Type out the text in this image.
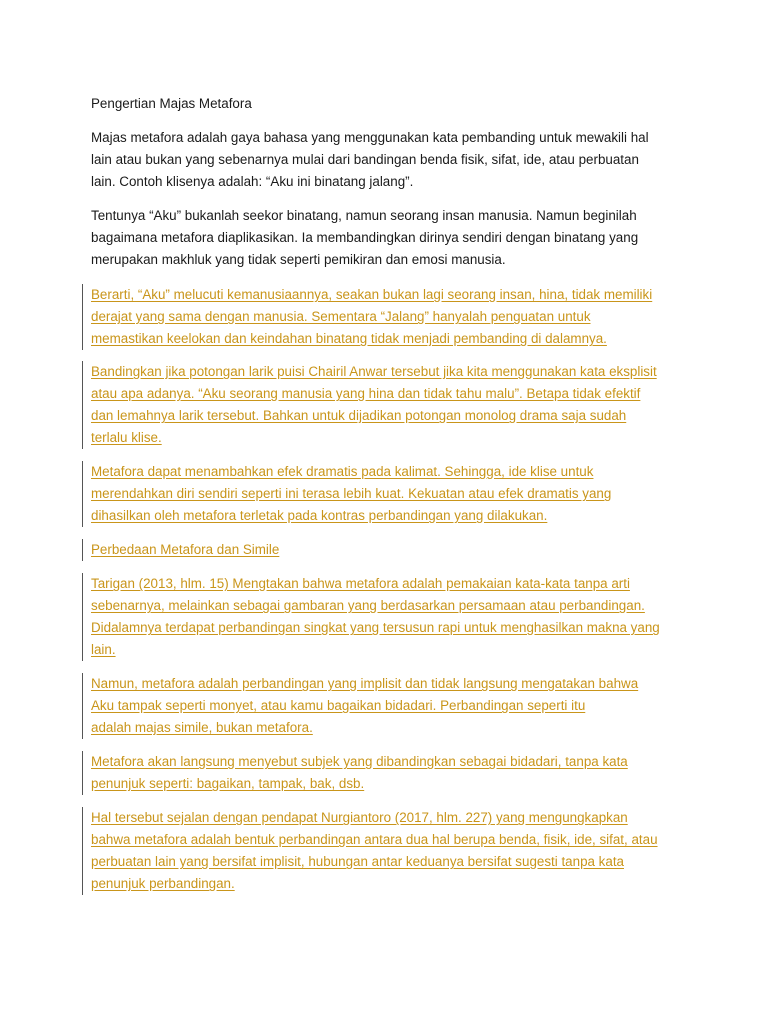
Pengertian Majas Metafora

Majas metafora adalah gaya bahasa yang menggunakan kata pembanding untuk mewakili hal
lain atau bukan yang sebenarnya mulai dari bandingan benda fisik, sifat, ide, atau perbuatan
lain. Contoh klisenya adalah: “Aku ini binatang jalang”.

Tentunya “Aku” bukanlah seekor binatang, namun seorang insan manusia. Namun beginilah
bagaimana metafora diaplikasikan. Ia membandingkan dirinya sendiri dengan binatang yang
merupakan makhluk yang tidak seperti pemikiran dan emosi manusia.

Berarti, “Aku” melucuti kemanusiaannya, seakan bukan lagi seorang insan, hina, tidak memiliki
derajat yang sama dengan manusia. Sementara “Jalang” hanyalah penguatan untuk
memastikan keelokan dan keindahan binatang tidak menjadi pembanding di dalamnya.

Bandingkan jika potongan larik puisi Chairil Anwar tersebut jika kita menggunakan kata eksplisit
atau apa adanya. “Aku seorang manusia yang hina dan tidak tahu malu”. Betapa tidak efektif
dan lemahnya larik tersebut. Bahkan untuk dijadikan potongan monolog drama saja sudah
terlalu klise.

Metafora dapat menambahkan efek dramatis pada kalimat. Sehingga, ide klise untuk
merendahkan diri sendiri seperti ini terasa lebih kuat. Kekuatan atau efek dramatis yang
dihasilkan oleh metafora terletak pada kontras perbandingan yang dilakukan.

Perbedaan Metafora dan Simile

Tarigan (2013, hlm. 15) Mengtakan bahwa metafora adalah pemakaian kata-kata tanpa arti
sebenarnya, melainkan sebagai gambaran yang berdasarkan persamaan atau perbandingan.
Didalamnya terdapat perbandingan singkat yang tersusun rapi untuk menghasilkan makna yang
lain.

Namun, metafora adalah perbandingan yang implisit dan tidak langsung mengatakan bahwa
Aku tampak seperti monyet, atau kamu bagaikan bidadari. Perbandingan seperti itu
adalah majas simile, bukan metafora.

Metafora akan langsung menyebut subjek yang dibandingkan sebagai bidadari, tanpa kata
penunjuk seperti: bagaikan, tampak, bak, dsb.

Hal tersebut sejalan dengan pendapat Nurgiantoro (2017, hlm. 227) yang mengungkapkan
bahwa metafora adalah bentuk perbandingan antara dua hal berupa benda, fisik, ide, sifat, atau
perbuatan lain yang bersifat implisit, hubungan antar keduanya bersifat sugesti tanpa kata
penunjuk perbandingan.
